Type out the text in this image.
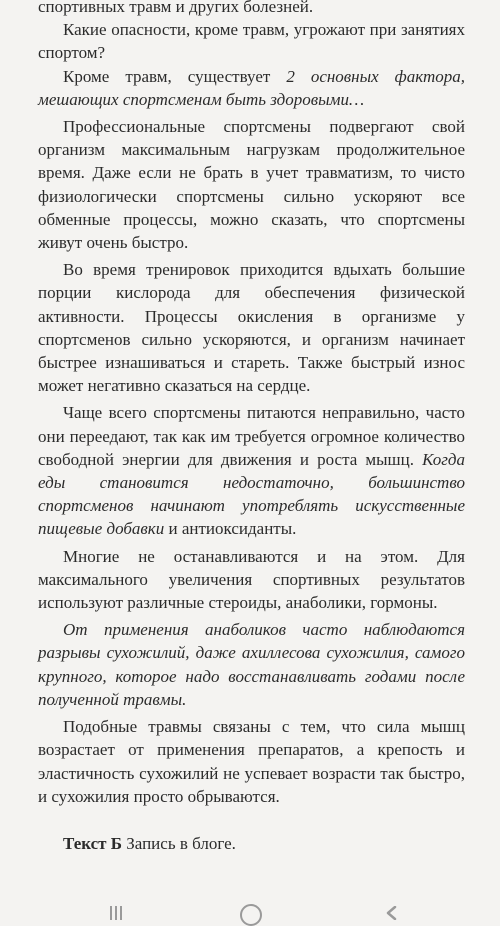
спортивных травм и других болезней.

Какие опасности, кроме травм, угрожают при занятиях спортом?

Кроме травм, существует 2 основных фактора, мешающих спортсменам быть здоровыми…

Профессиональные спортсмены подвергают свой организм максимальным нагрузкам продолжительное время. Даже если не брать в учет травматизм, то чисто физиологически спортсмены сильно ускоряют все обменные процессы, можно сказать, что спортсмены живут очень быстро.

Во время тренировок приходится вдыхать большие порции кислорода для обеспечения физической активности. Процессы окисления в организме у спортсменов сильно ускоряются, и организм начинает быстрее изнашиваться и стареть. Также быстрый износ может негативно сказаться на сердце.

Чаще всего спортсмены питаются неправильно, часто они переедают, так как им требуется огромное количество свободной энергии для движения и роста мышц. Когда еды становится недостаточно, большинство спортсменов начинают употреблять искусственные пищевые добавки и антиоксиданты.

Многие не останавливаются и на этом. Для максимального увеличения спортивных результатов используют различные стероиды, анаболики, гормоны.

От применения анаболиков часто наблюдаются разрывы сухожилий, даже ахиллесова сухожилия, самого крупного, которое надо восстанавливать годами после полученной травмы.

Подобные травмы связаны с тем, что сила мышц возрастает от применения препаратов, а крепость и эластичность сухожилий не успевает возрасти так быстро, и сухожилия просто обрываются.

Текст Б Запись в блоге.
